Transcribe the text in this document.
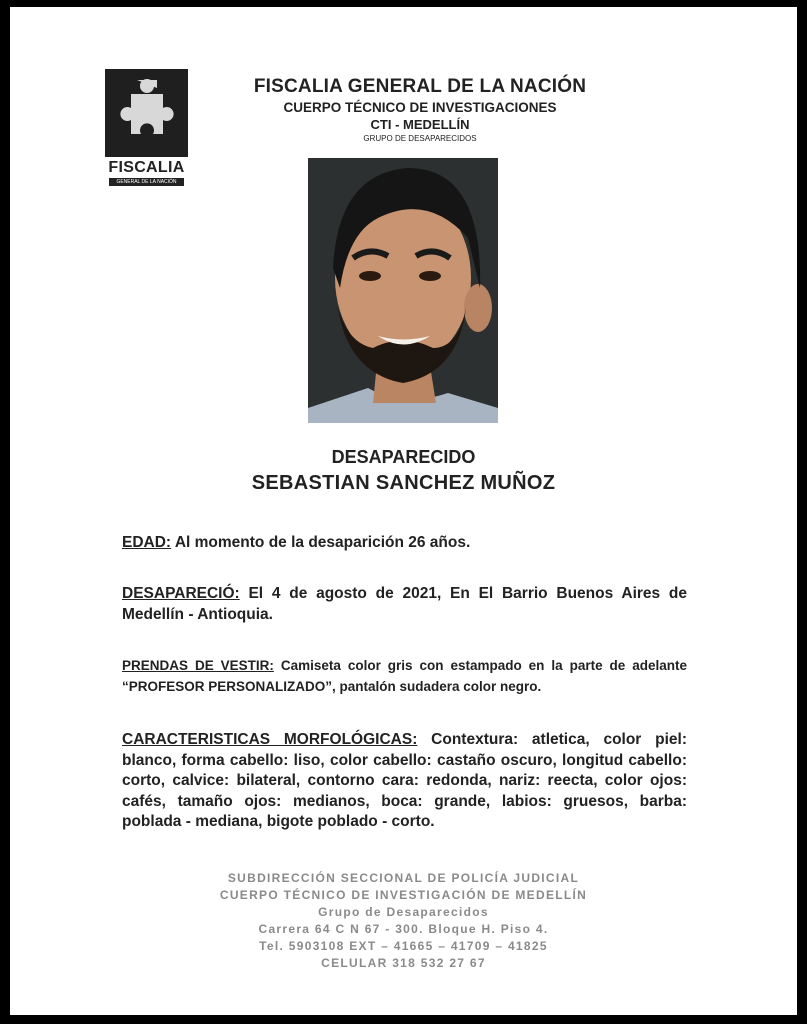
FISCALIA
GENERAL DE LA NACIÓN
FISCALIA GENERAL DE LA NACIÓN
CUERPO TÉCNICO DE INVESTIGACIONES
CTI - MEDELLÍN
GRUPO DE DESAPARECIDOS
DESAPARECIDO
SEBASTIAN SANCHEZ MUÑOZ
EDAD: Al momento de la desaparición 26 años.
DESAPARECIÓ: El 4 de agosto de 2021, En El Barrio Buenos Aires de Medellín - Antioquia.
PRENDAS DE VESTIR: Camiseta color gris con estampado en la parte de adelante “PROFESOR PERSONALIZADO”, pantalón sudadera color negro.
CARACTERISTICAS MORFOLÓGICAS: Contextura: atletica, color piel: blanco, forma cabello: liso, color cabello: castaño oscuro, longitud cabello: corto, calvice: bilateral, contorno cara: redonda, nariz: reecta, color ojos: cafés, tamaño ojos: medianos, boca: grande, labios: gruesos, barba: poblada - mediana, bigote poblado - corto.
SUBDIRECCIÓN SECCIONAL DE POLICÍA JUDICIAL
CUERPO TÉCNICO DE INVESTIGACIÓN DE MEDELLÍN
Grupo de Desaparecidos
Carrera 64 C N 67 - 300. Bloque H. Piso 4.
Tel. 5903108 EXT – 41665 – 41709 – 41825
CELULAR 318 532 27 67
